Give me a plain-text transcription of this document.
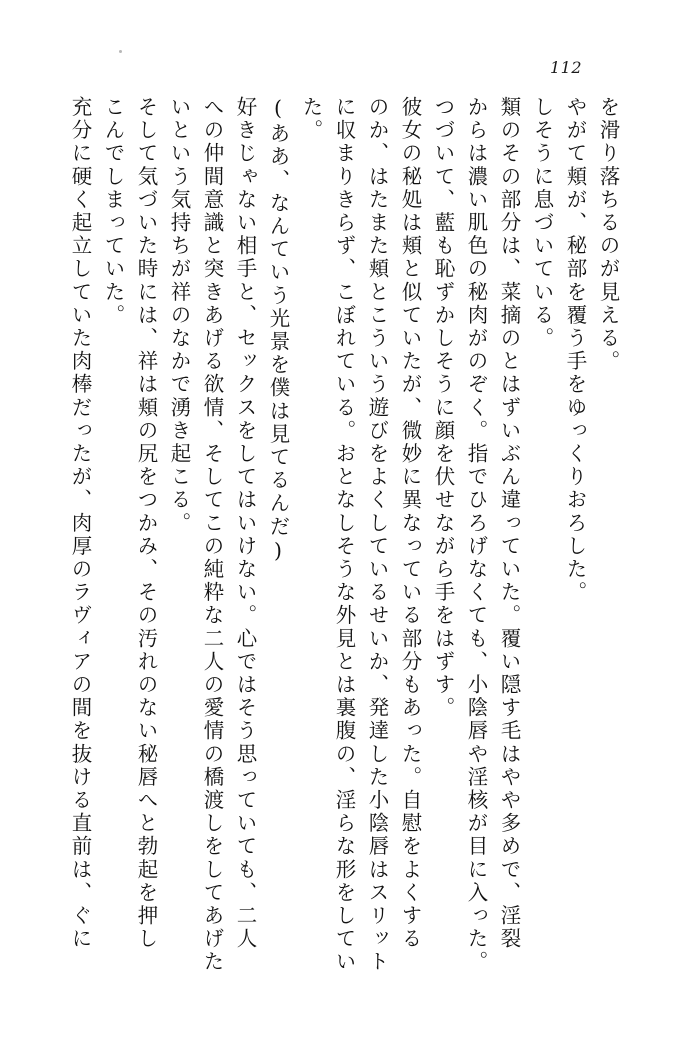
112
を滑り落ちるのが見える。
やがて頬が、秘部を覆う手をゆっくりおろした。
しそうに息づいている。
類のその部分は、菜摘のとはずいぶん違っていた。覆い隠す毛はやや多めで、淫裂
からは濃い肌色の秘肉がのぞく。指でひろげなくても、小陰唇や淫核が目に入った。
つづいて、藍も恥ずかしそうに顔を伏せながら手をはずす。
彼女の秘処は頬と似ていたが、微妙に異なっている部分もあった。自慰をよくする
のか、はたまた頬とこういう遊びをよくしているせいか、発達した小陰唇はスリット
に収まりきらず、こぼれている。おとなしそうな外見とは裏腹の、淫らな形をしてい
た。
(ああ、なんていう光景を僕は見てるんだ)
好きじゃない相手と、セックスをしてはいけない。心ではそう思っていても、二人
への仲間意識と突きあげる欲情、そしてこの純粋な二人の愛情の橋渡しをしてあげた
いという気持ちが祥のなかで湧き起こる。
そして気づいた時には、祥は頬の尻をつかみ、その汚れのない秘唇へと勃起を押し
こんでしまっていた。
充分に硬く起立していた肉棒だったが、肉厚のラヴィアの間を抜ける直前は、ぐに
